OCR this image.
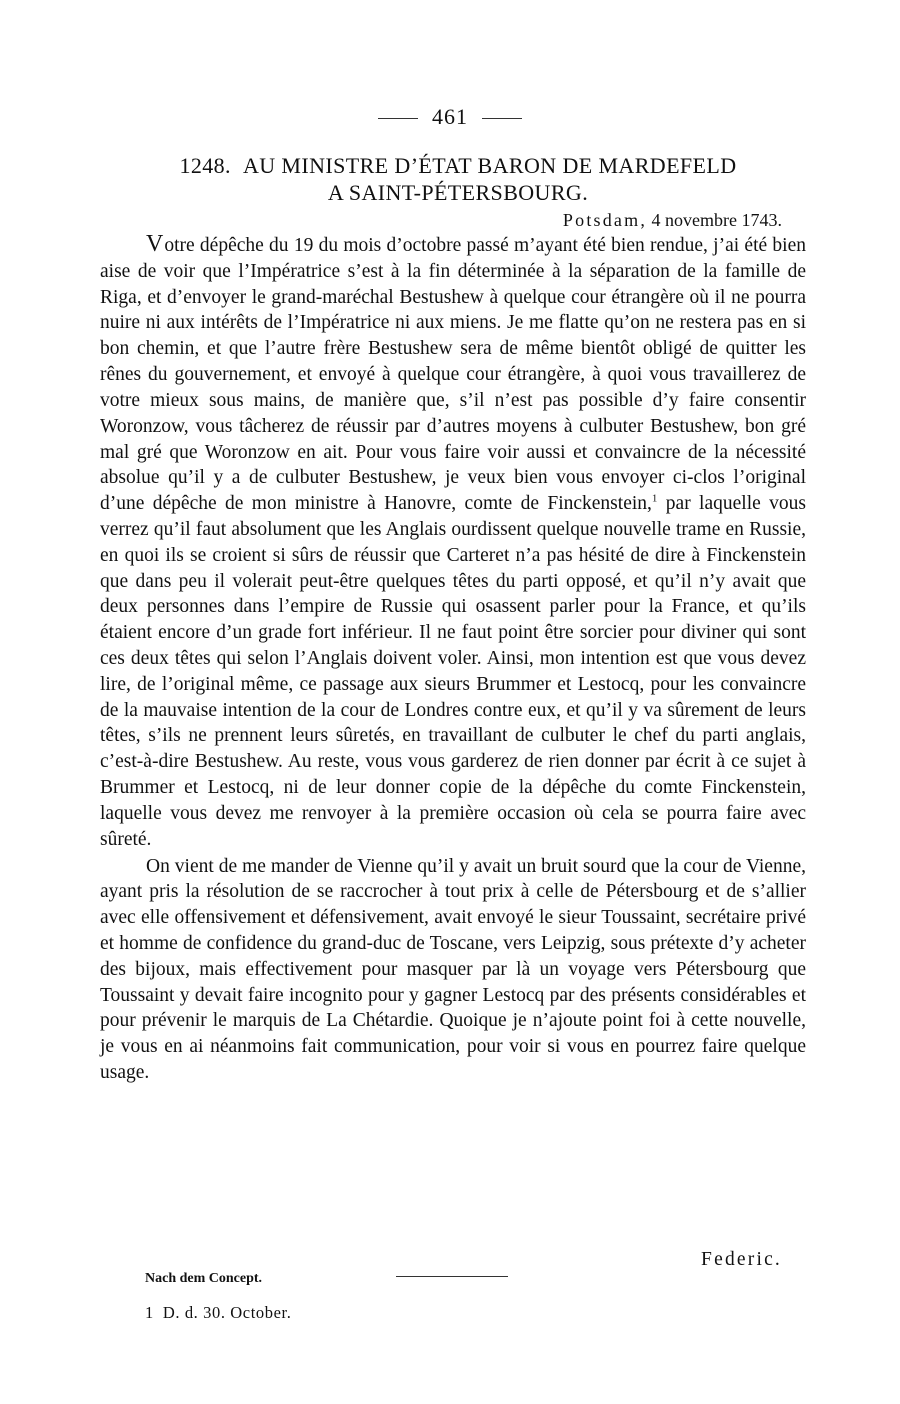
461
1248. AU MINISTRE D’ÉTAT BARON DE MARDEFELD
A SAINT-PÉTERSBOURG.
Potsdam, 4 novembre 1743.

Votre dépêche du 19 du mois d’octobre passé m’ayant été bien rendue, j’ai été bien aise de voir que l’Impératrice s’est à la fin déterminée à la séparation de la famille de Riga, et d’envoyer le grand-maréchal Bestushew à quelque cour étrangère où il ne pourra nuire ni aux intérêts de l’Impératrice ni aux miens. Je me flatte qu’on ne restera pas en si bon chemin, et que l’autre frère Bestushew sera de même bientôt obligé de quitter les rênes du gouvernement, et envoyé à quelque cour étrangère, à quoi vous travaillerez de votre mieux sous mains, de manière que, s’il n’est pas possible d’y faire consentir Woronzow, vous tâcherez de réussir par d’autres moyens à culbuter Bestushew, bon gré mal gré que Woronzow en ait. Pour vous faire voir aussi et convaincre de la nécessité absolue qu’il y a de culbuter Bestushew, je veux bien vous envoyer ci-clos l’original d’une dépêche de mon ministre à Hanovre, comte de Finckenstein,$^1$ par laquelle vous verrez qu’il faut absolument que les Anglais ourdissent quelque nouvelle trame en Russie, en quoi ils se croient si sûrs de réussir que Carteret n’a pas hésité de dire à Finckenstein que dans peu il volerait peut-être quelques têtes du parti opposé, et qu’il n’y avait que deux personnes dans l’empire de Russie qui osassent parler pour la France, et qu’ils étaient encore d’un grade fort inférieur. Il ne faut point être sorcier pour diviner qui sont ces deux têtes qui selon l’Anglais doivent voler. Ainsi, mon intention est que vous devez lire, de l’original même, ce passage aux sieurs Brummer et Lestocq, pour les convaincre de la mauvaise intention de la cour de Londres contre eux, et qu’il y va sûrement de leurs têtes, s’ils ne prennent leurs sûretés, en travaillant de culbuter le chef du parti anglais, c’est-à-dire Bestushew. Au reste, vous vous garderez de rien donner par écrit à ce sujet à Brummer et Lestocq, ni de leur donner copie de la dépêche du comte Finckenstein, laquelle vous devez me renvoyer à la première occasion où cela se pourra faire avec sûreté.

On vient de me mander de Vienne qu’il y avait un bruit sourd que la cour de Vienne, ayant pris la résolution de se raccrocher à tout prix à celle de Pétersbourg et de s’allier avec elle offensivement et défensivement, avait envoyé le sieur Toussaint, secrétaire privé et homme de confidence du grand-duc de Toscane, vers Leipzig, sous prétexte d’y acheter des bijoux, mais effectivement pour masquer par là un voyage vers Pétersbourg que Toussaint y devait faire incognito pour y gagner Lestocq par des présents considérables et pour prévenir le marquis de La Chétardie. Quoique je n’ajoute point foi à cette nouvelle, je vous en ai néanmoins fait communication, pour voir si vous en pourrez faire quelque usage.

Federic.
Nach dem Concept.
1 D. d. 30. October.
